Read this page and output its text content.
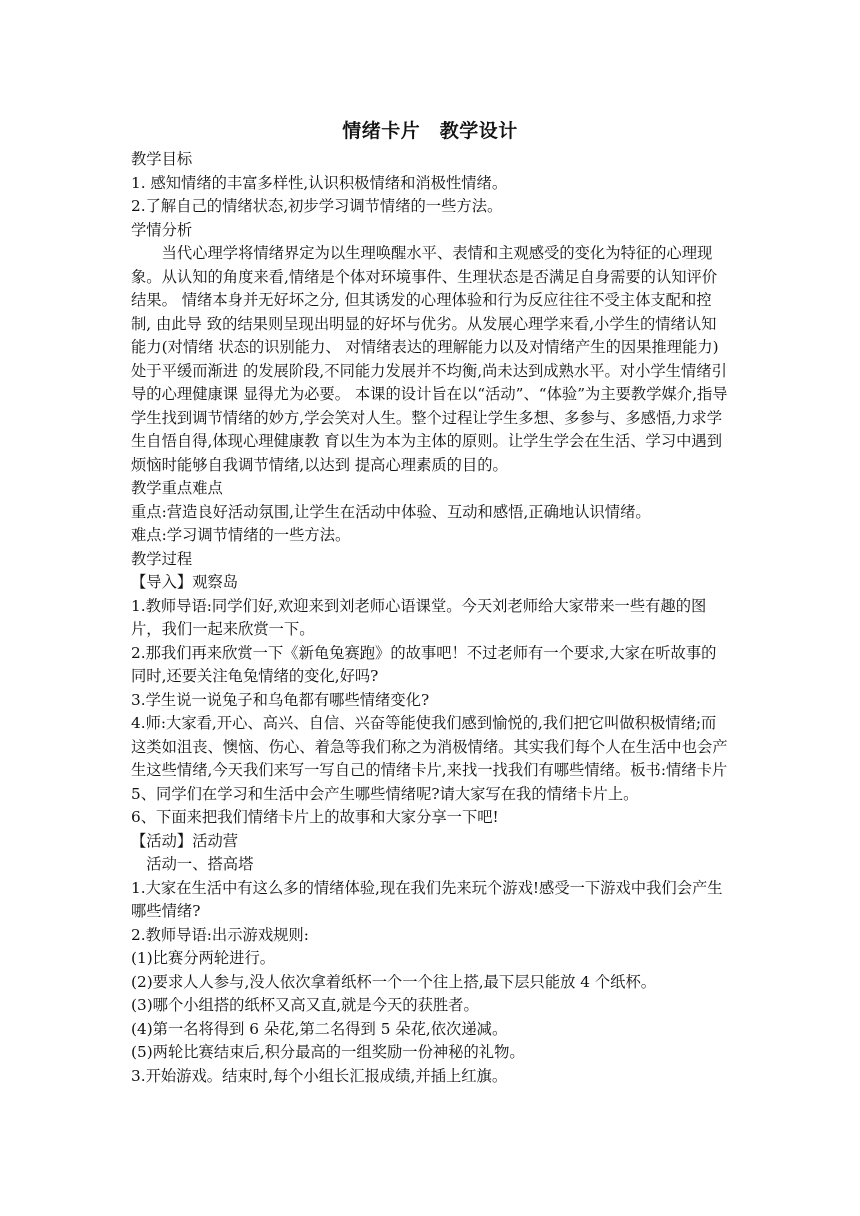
情绪卡片　教学设计

教学目标

1. 感知情绪的丰富多样性,认识积极情绪和消极性情绪。

2.了解自己的情绪状态,初步学习调节情绪的一些方法。

学情分析

当代心理学将情绪界定为以生理唤醒水平、表情和主观感受的变化为特征的心理现象。从认知的角度来看,情绪是个体对环境事件、生理状态是否满足自身需要的认知评价结果。 情绪本身并无好坏之分, 但其诱发的心理体验和行为反应往往不受主体支配和控制, 由此导 致的结果则呈现出明显的好坏与优劣。从发展心理学来看,小学生的情绪认知能力(对情绪 状态的识别能力、 对情绪表达的理解能力以及对情绪产生的因果推理能力) 处于平缓而渐进 的发展阶段,不同能力发展并不均衡,尚未达到成熟水平。对小学生情绪引导的心理健康课 显得尤为必要。 本课的设计旨在以“活动”、“体验”为主要教学媒介,指导学生找到调节情绪的妙方,学会笑对人生。整个过程让学生多想、多参与、多感悟,力求学生自悟自得,体现心理健康教 育以生为本为主体的原则。让学生学会在生活、学习中遇到烦恼时能够自我调节情绪,以达到 提高心理素质的目的。

教学重点难点

重点:营造良好活动氛围,让学生在活动中体验、互动和感悟,正确地认识情绪。

难点:学习调节情绪的一些方法。

教学过程

【导入】观察岛

1.教师导语:同学们好,欢迎来到刘老师心语课堂。今天刘老师给大家带来一些有趣的图片，我们一起来欣赏一下。

2.那我们再来欣赏一下《新龟兔赛跑》的故事吧！不过老师有一个要求,大家在听故事的同时,还要关注龟兔情绪的变化,好吗?

3.学生说一说兔子和乌龟都有哪些情绪变化?

4.师:大家看,开心、高兴、自信、兴奋等能使我们感到愉悦的,我们把它叫做积极情绪;而这类如沮丧、懊恼、伤心、着急等我们称之为消极情绪。其实我们每个人在生活中也会产生这些情绪,今天我们来写一写自己的情绪卡片,来找一找我们有哪些情绪。板书:情绪卡片

5、同学们在学习和生活中会产生哪些情绪呢?请大家写在我的情绪卡片上。

6、下面来把我们情绪卡片上的故事和大家分享一下吧!

【活动】活动营

活动一、搭高塔

1.大家在生活中有这么多的情绪体验,现在我们先来玩个游戏!感受一下游戏中我们会产生哪些情绪?

2.教师导语:出示游戏规则:

(1)比赛分两轮进行。

(2)要求人人参与,没人依次拿着纸杯一个一个往上搭,最下层只能放 4 个纸杯。

(3)哪个小组搭的纸杯又高又直,就是今天的获胜者。

(4)第一名将得到 6 朵花,第二名得到 5 朵花,依次递减。

(5)两轮比赛结束后,积分最高的一组奖励一份神秘的礼物。

3.开始游戏。结束时,每个小组长汇报成绩,并插上红旗。
